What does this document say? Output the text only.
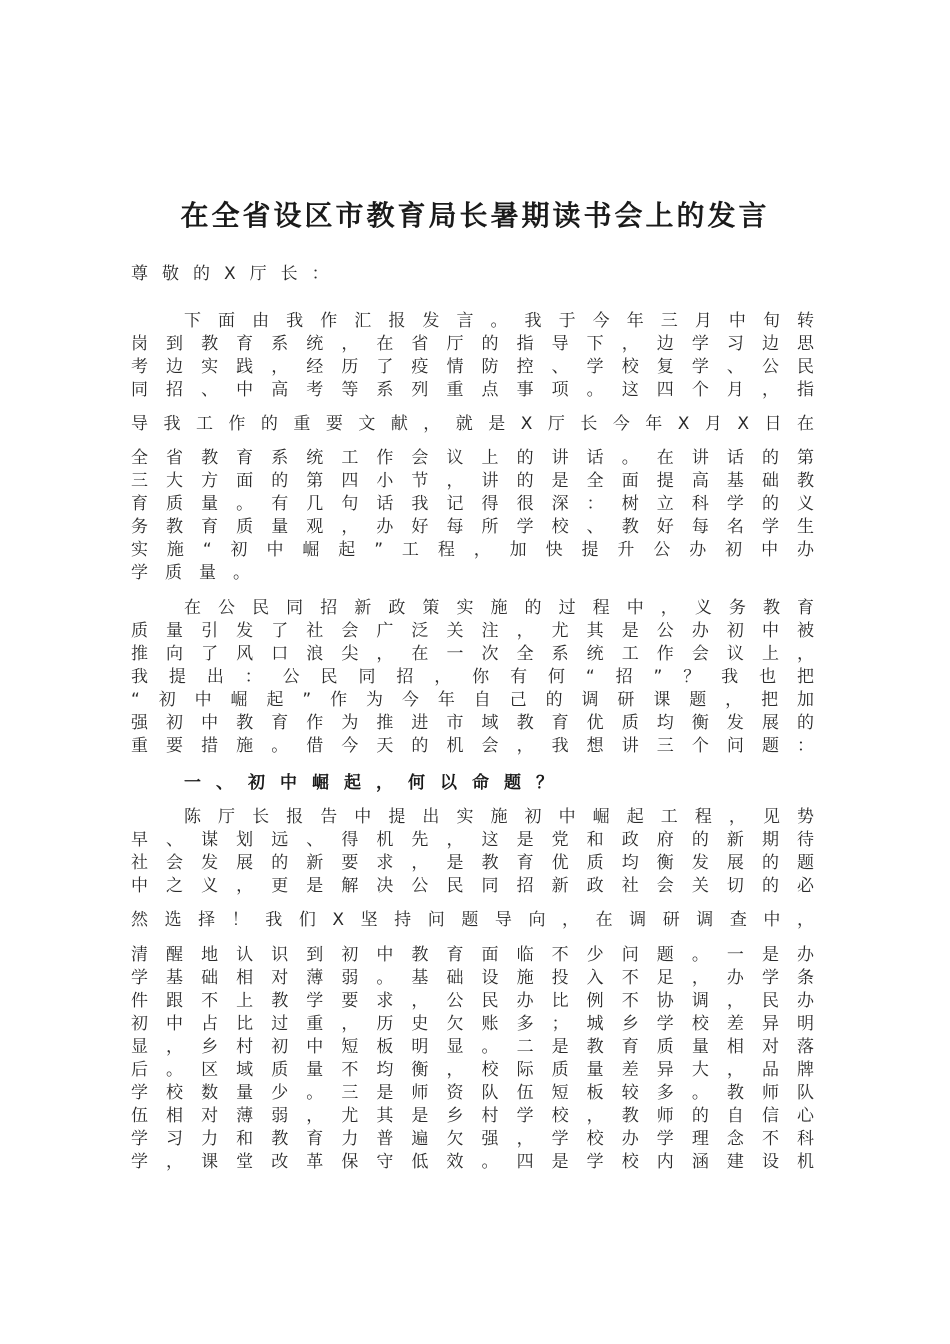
在全省设区市教育局长暑期读书会上的发言
尊敬的X厅长：
下面由我作汇报发言。我于今年三月中旬转
岗到教育系统，在省厅的指导下，边学习边思
考边实践，经历了疫情防控、学校复学、公民
同招、中高考等系列重点事项。这四个月，指
导我工作的重要文献，就是X厅长今年X月X日在
全省教育系统工作会议上的讲话。在讲话的第
三大方面的第四小节，讲的是全面提高基础教
育质量。有几句话我记得很深：树立科学的义
务教育质量观，办好每所学校、教好每名学生
实施“初中崛起”工程，加快提升公办初中办
学质量。
在公民同招新政策实施的过程中，义务教育
质量引发了社会广泛关注，尤其是公办初中被
推向了风口浪尖，在一次全系统工作会议上，
我提出：公民同招，你有何“招”？我也把
“初中崛起”作为今年自己的调研课题，把加
强初中教育作为推进市域教育优质均衡发展的
重要措施。借今天的机会，我想讲三个问题：
一、初中崛起，何以命题？
陈厅长报告中提出实施初中崛起工程，见势
早、谋划远、得机先，这是党和政府的新期待
社会发展的新要求，是教育优质均衡发展的题
中之义，更是解决公民同招新政社会关切的必
然选择！我们X坚持问题导向，在调研调查中，
清醒地认识到初中教育面临不少问题。一是办
学基础相对薄弱。基础设施投入不足，办学条
件跟不上教学要求，公民办比例不协调，民办
初中占比过重，历史欠账多；城乡学校差异明
显，乡村初中短板明显。二是教育质量相对落
后。区域质量不均衡，校际质量差异大，品牌
学校数量少。三是师资队伍短板较多。教师队
伍相对薄弱，尤其是乡村学校，教师的自信心
学习力和教育力普遍欠强，学校办学理念不科
学，课堂改革保守低效。四是学校内涵建设机
